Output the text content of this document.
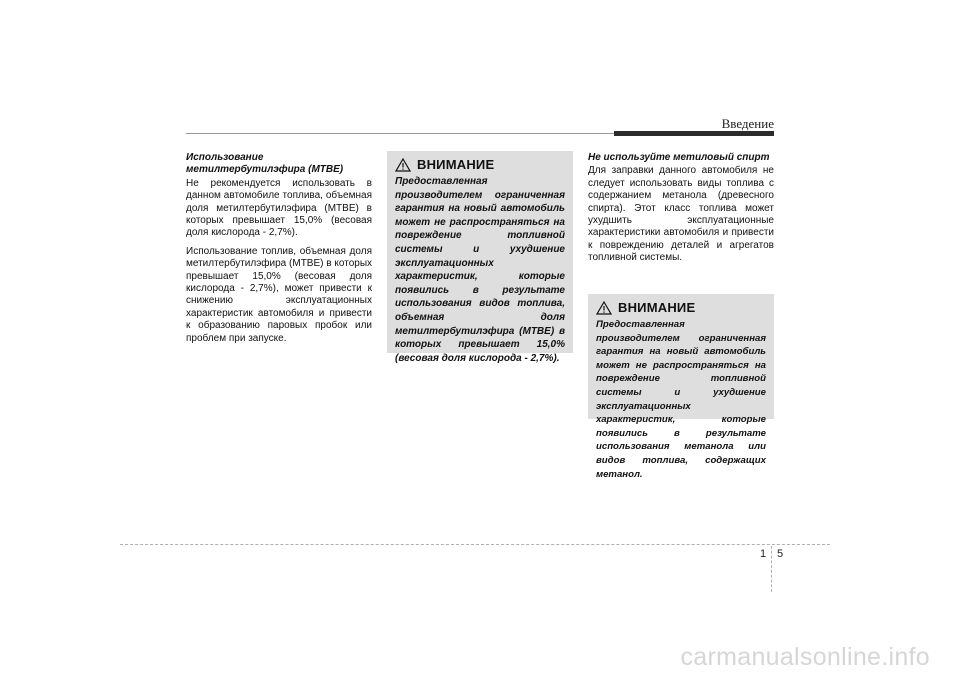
Введение
Использование метилтербутилэфира (MTBE)

Не рекомендуется использовать в данном автомобиле топлива, объемная доля метилтербутилэфира (МТВЕ) в которых превышает 15,0% (весовая доля кислорода - 2,7%).

Использование топлив, объемная доля метилтербутилэфира (МТВЕ) в которых превышает 15,0% (весовая доля кислорода - 2,7%), может привести к снижению эксплуатационных характеристик автомобиля и привести к образованию паровых пробок или проблем при запуске.

ВНИМАНИЕ
Предоставленная производителем ограниченная гарантия на новый автомобиль может не распространяться на повреждение топливной системы и ухудшение эксплуатационных характеристик, которые появились в результате использования видов топлива, объемная доля метилтербутилэфира (MTBE) в которых превышает 15,0% (весовая доля кислорода - 2,7%).
Не используйте метиловый спирт

Для заправки данного автомобиля не следует использовать виды топлива с содержанием метанола (древесного спирта). Этот класс топлива может ухудшить эксплуатационные характеристики автомобиля и привести к повреждению деталей и агрегатов топливной системы.

ВНИМАНИЕ
Предоставленная производителем ограниченная гарантия на новый автомобиль может не распространяться на повреждение топливной системы и ухудшение эксплуатационных характеристик, которые появились в результате использования метанола или видов топлива, содержащих метанол.
1 5
carmanualsonline.info
